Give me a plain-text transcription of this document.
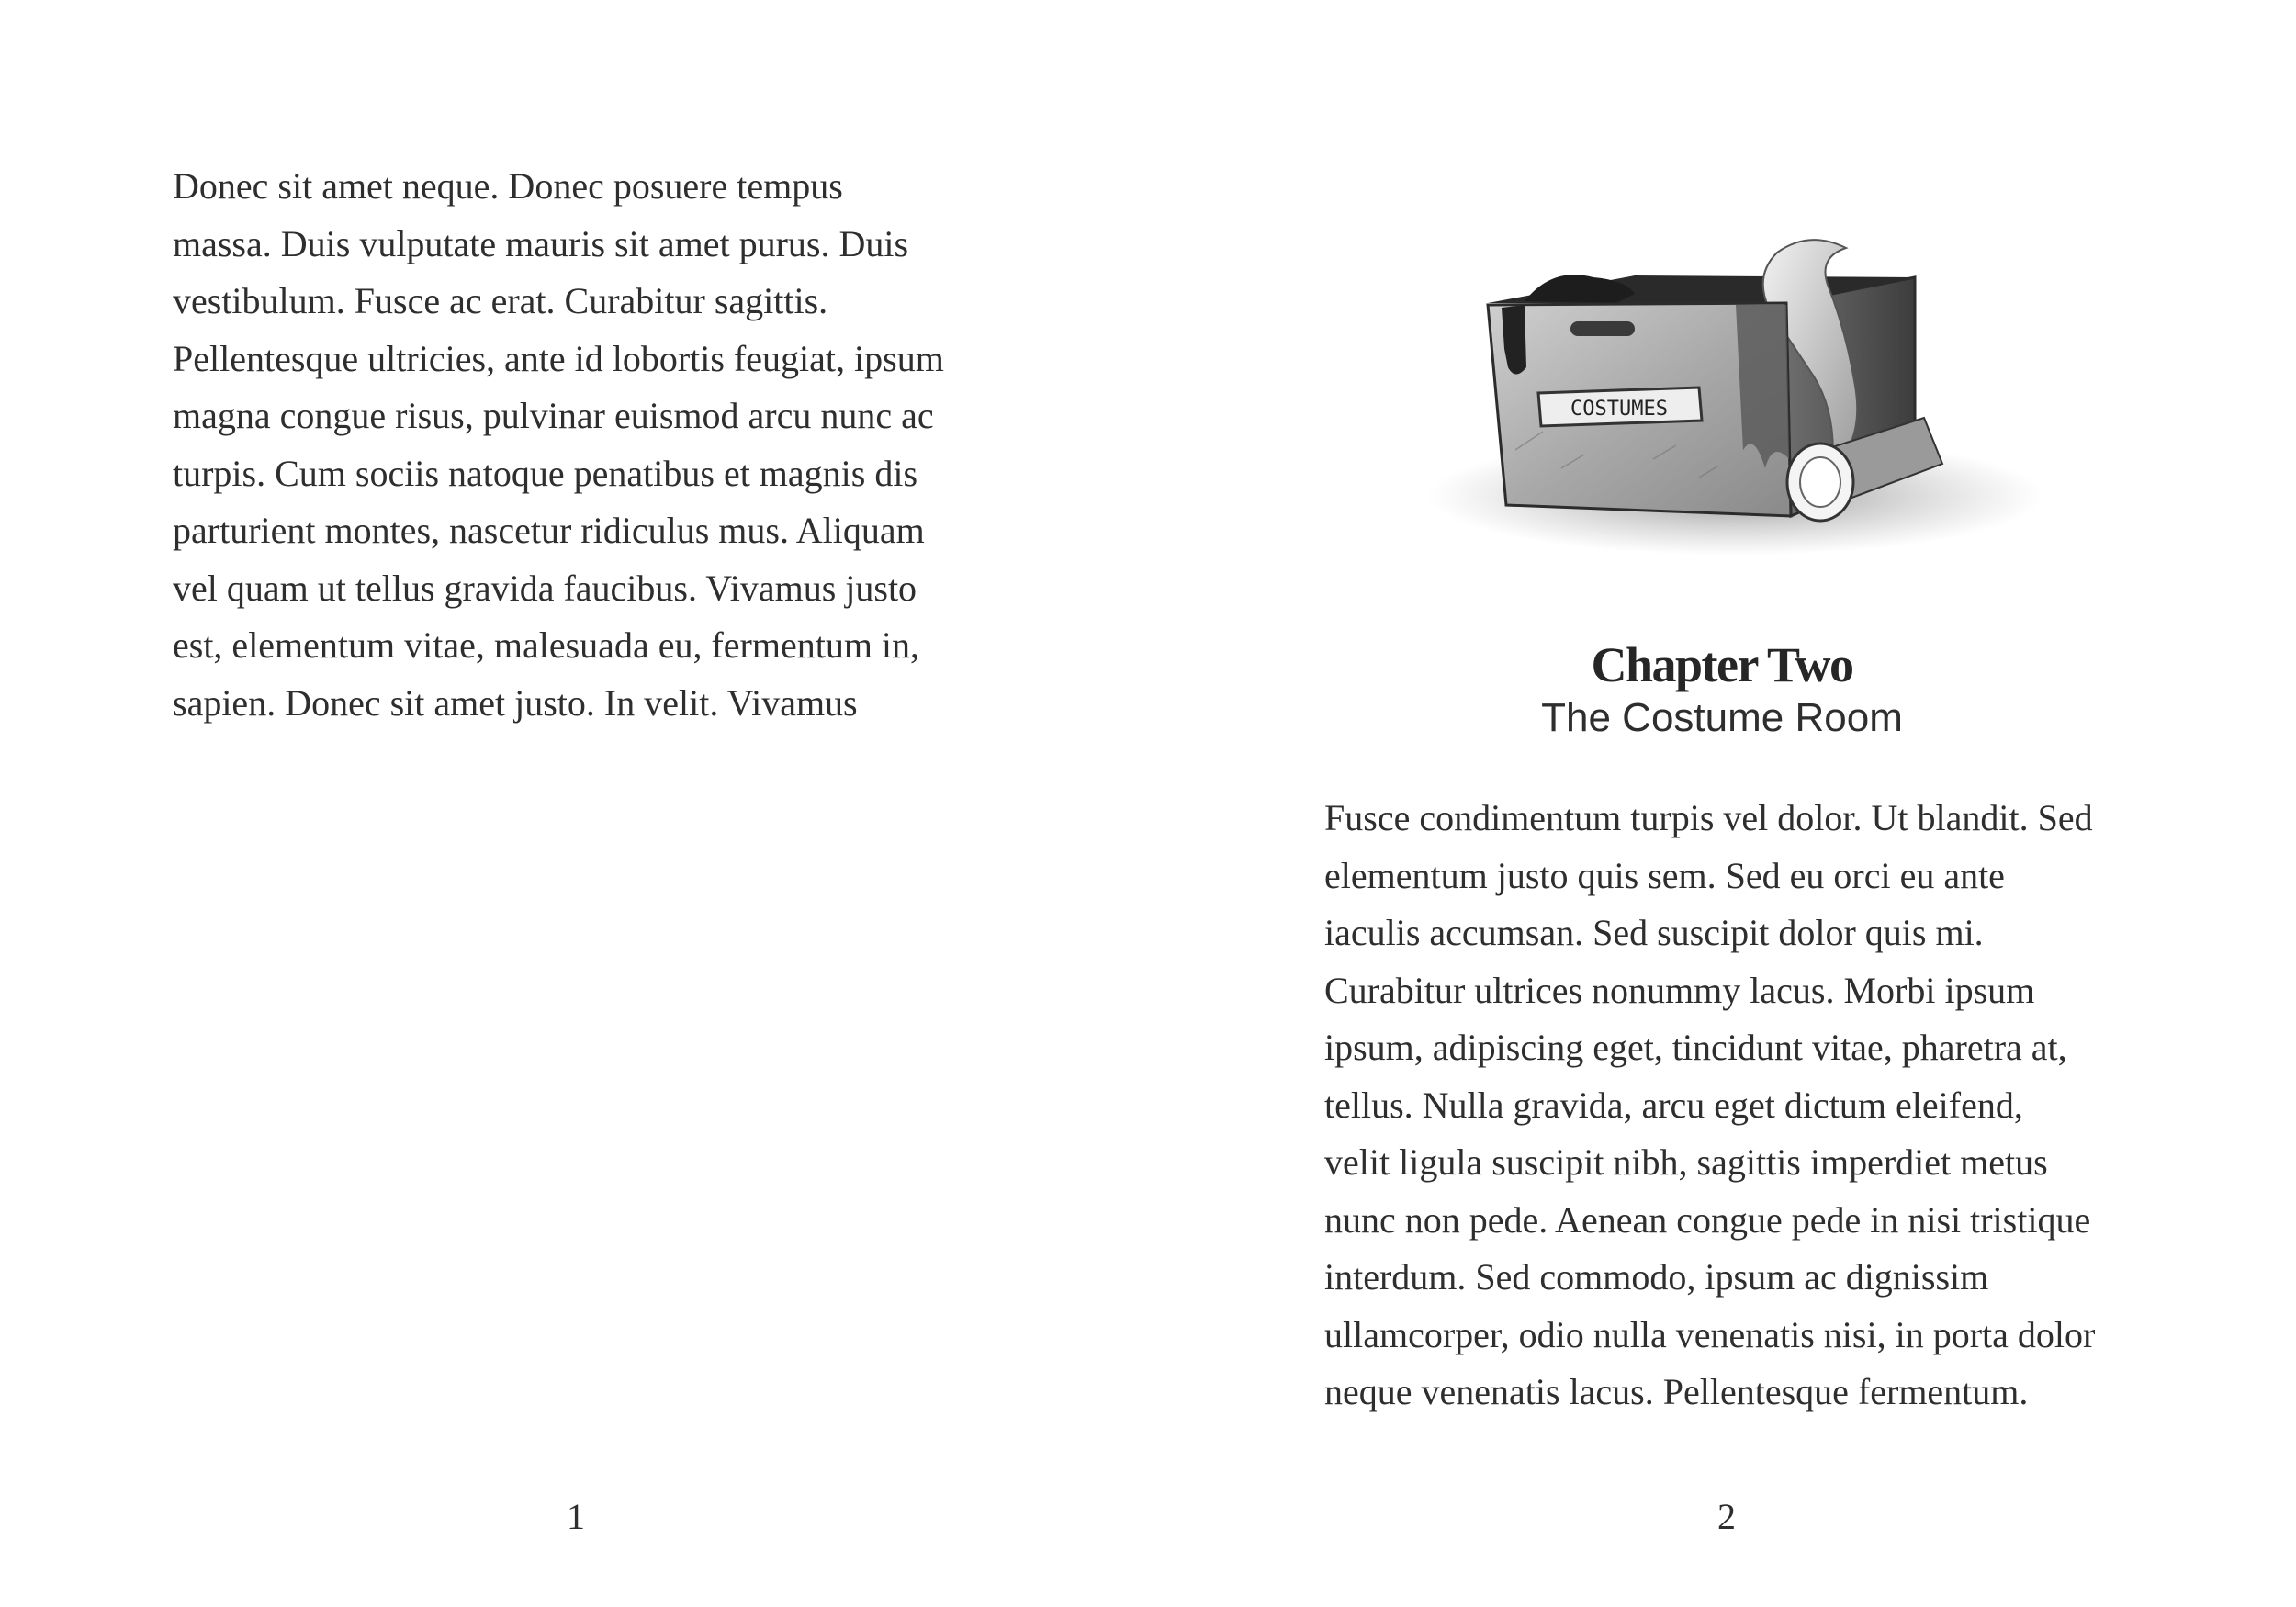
Donec sit amet neque. Donec posuere tempus
massa. Duis vulputate mauris sit amet purus. Duis
vestibulum. Fusce ac erat. Curabitur sagittis.
Pellentesque ultricies, ante id lobortis feugiat, ipsum
magna congue risus, pulvinar euismod arcu nunc ac
turpis. Cum sociis natoque penatibus et magnis dis
parturient montes, nascetur ridiculus mus. Aliquam
vel quam ut tellus gravida faucibus. Vivamus justo
est, elementum vitae, malesuada eu, fermentum in,
sapien. Donec sit amet justo. In velit. Vivamus

1
COSTUMES
Chapter Two
The Costume Room

Fusce condimentum turpis vel dolor. Ut blandit. Sed
elementum justo quis sem. Sed eu orci eu ante
iaculis accumsan. Sed suscipit dolor quis mi.
Curabitur ultrices nonummy lacus. Morbi ipsum
ipsum, adipiscing eget, tincidunt vitae, pharetra at,
tellus. Nulla gravida, arcu eget dictum eleifend,
velit ligula suscipit nibh, sagittis imperdiet metus
nunc non pede. Aenean congue pede in nisi tristique
interdum. Sed commodo, ipsum ac dignissim
ullamcorper, odio nulla venenatis nisi, in porta dolor
neque venenatis lacus. Pellentesque fermentum.

2
